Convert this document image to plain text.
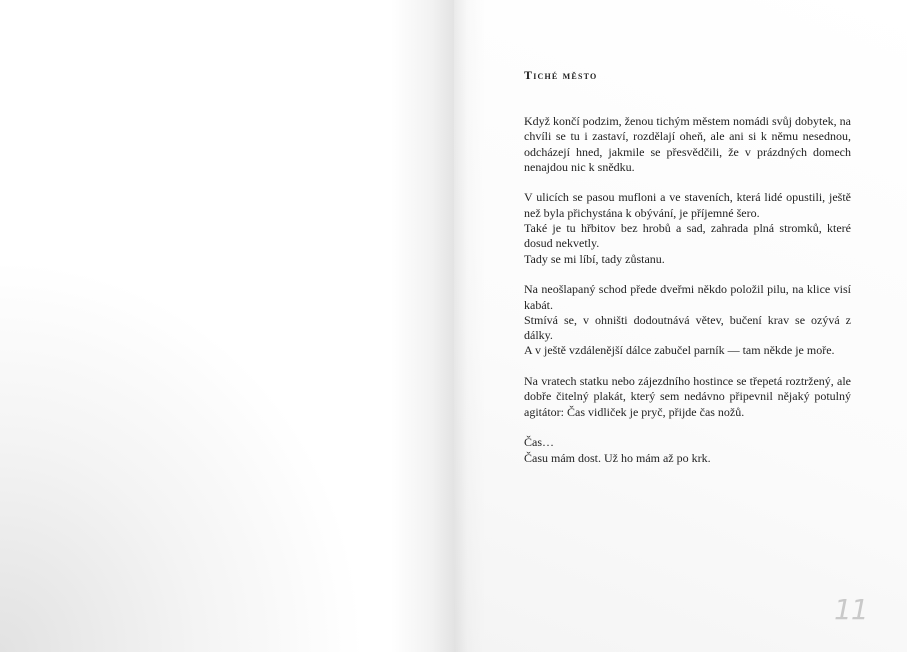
Tiché město

Když končí podzim, ženou tichým městem nomádi svůj dobytek, na chvíli se tu i zastaví, rozdělají oheň, ale ani si k němu nesednou, odcházejí hned, jakmile se přesvědčili, že v prázdných domech nenajdou nic k snědku.

V ulicích se pasou mufloni a ve staveních, která lidé opustili, ještě než byla přichystána k obývání, je příjemné šero.

Také je tu hřbitov bez hrobů a sad, zahrada plná stromků, které dosud nekvetly.

Tady se mi líbí, tady zůstanu.

Na neošlapaný schod přede dveřmi někdo položil pilu, na klice visí kabát.

Stmívá se, v ohništi dodoutnává větev, bučení krav se ozývá z dálky.

A v ještě vzdálenější dálce zabučel parník — tam někde je moře.

Na vratech statku nebo zájezdního hostince se třepetá roztržený, ale dobře čitelný plakát, který sem nedávno připevnil nějaký potulný agitátor: Čas vidliček je pryč, přijde čas nožů.

Čas…

Času mám dost. Už ho mám až po krk.

11
